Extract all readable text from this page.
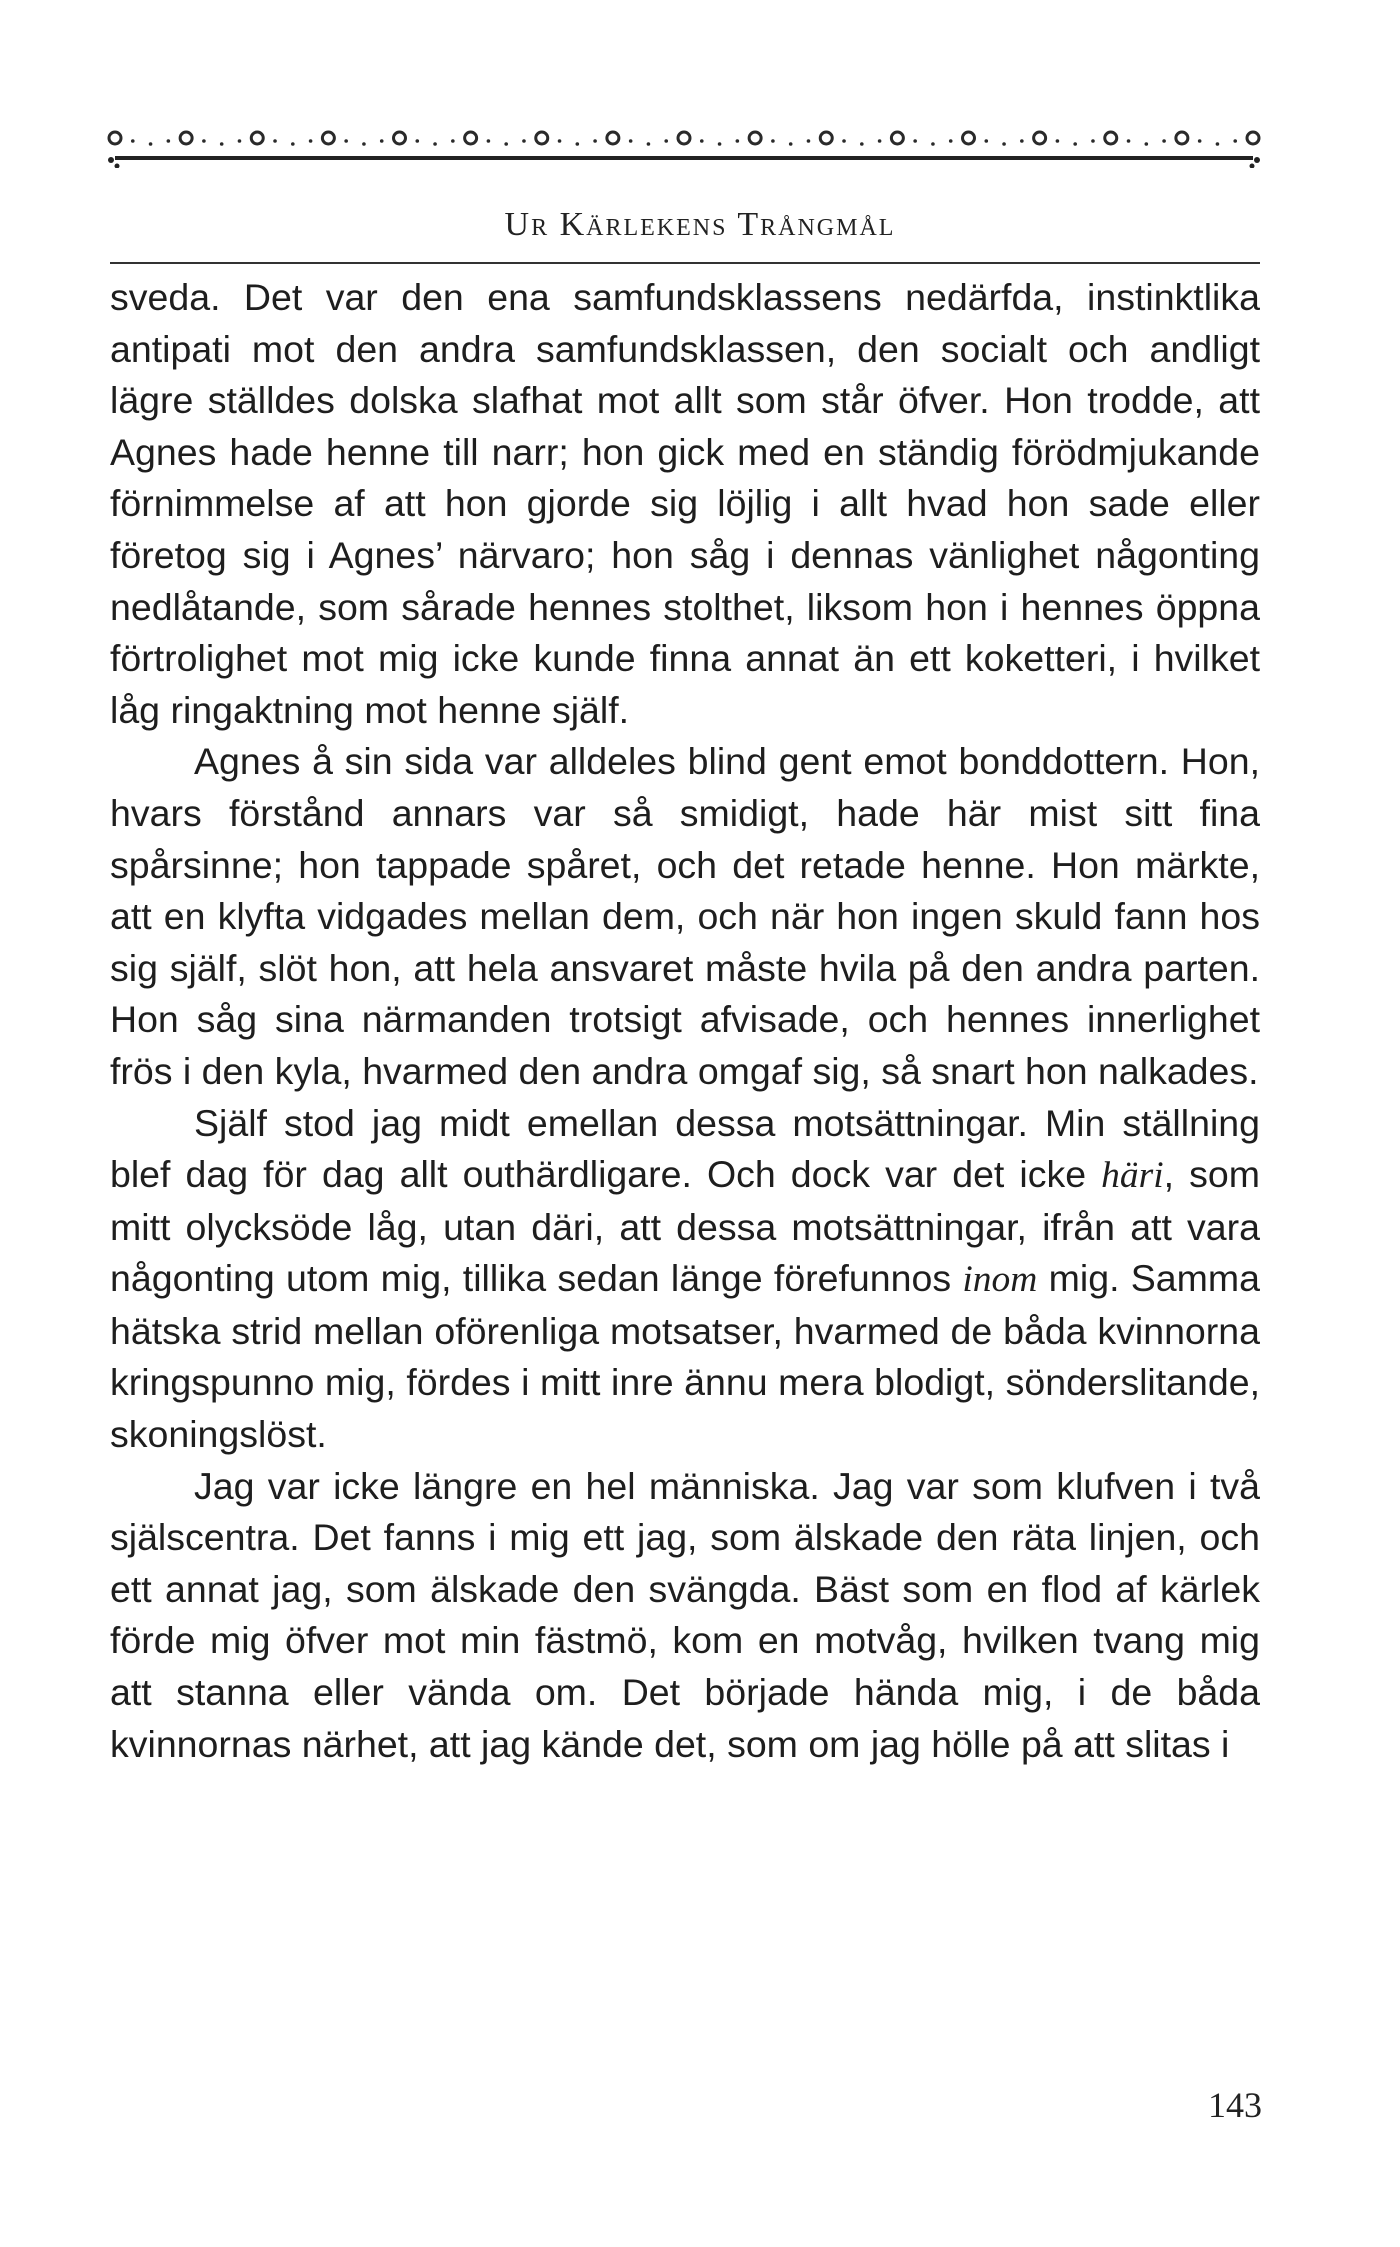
Ur Kärlekens Trångmål

sveda. Det var den ena samfundsklassens nedärfda, instinktlika antipati mot den andra samfundsklassen, den socialt och andligt lägre ställdes dolska slafhat mot allt som står öfver. Hon trodde, att Agnes hade henne till narr; hon gick med en ständig förödmjukande förnimmelse af att hon gjorde sig löjlig i allt hvad hon sade eller företog sig i Agnes’ närvaro; hon såg i dennas vänlighet någonting nedlåtande, som sårade hennes stolthet, liksom hon i hennes öppna förtrolighet mot mig icke kunde finna annat än ett koketteri, i hvilket låg ringaktning mot henne själf.

Agnes å sin sida var alldeles blind gent emot bonddottern. Hon, hvars förstånd annars var så smidigt, hade här mist sitt fina spårsinne; hon tappade spåret, och det retade henne. Hon märkte, att en klyfta vidgades mellan dem, och när hon ingen skuld fann hos sig själf, slöt hon, att hela ansvaret måste hvila på den andra parten. Hon såg sina närmanden trotsigt afvisade, och hennes innerlighet frös i den kyla, hvarmed den andra omgaf sig, så snart hon nalkades.

Själf stod jag midt emellan dessa motsättningar. Min ställning blef dag för dag allt outhärdligare. Och dock var det icke häri, som mitt olycksöde låg, utan däri, att dessa motsättningar, ifrån att vara någonting utom mig, tillika sedan länge förefunnos inom mig. Samma hätska strid mellan oförenliga motsatser, hvarmed de båda kvinnorna kringspunno mig, fördes i mitt inre ännu mera blodigt, sönderslitande, skoningslöst.

Jag var icke längre en hel människa. Jag var som klufven i två själscentra. Det fanns i mig ett jag, som älskade den räta linjen, och ett annat jag, som älskade den svängda. Bäst som en flod af kärlek förde mig öfver mot min fästmö, kom en motvåg, hvilken tvang mig att stanna eller vända om. Det började hända mig, i de båda kvinnornas närhet, att jag kände det, som om jag hölle på att slitas i

143
